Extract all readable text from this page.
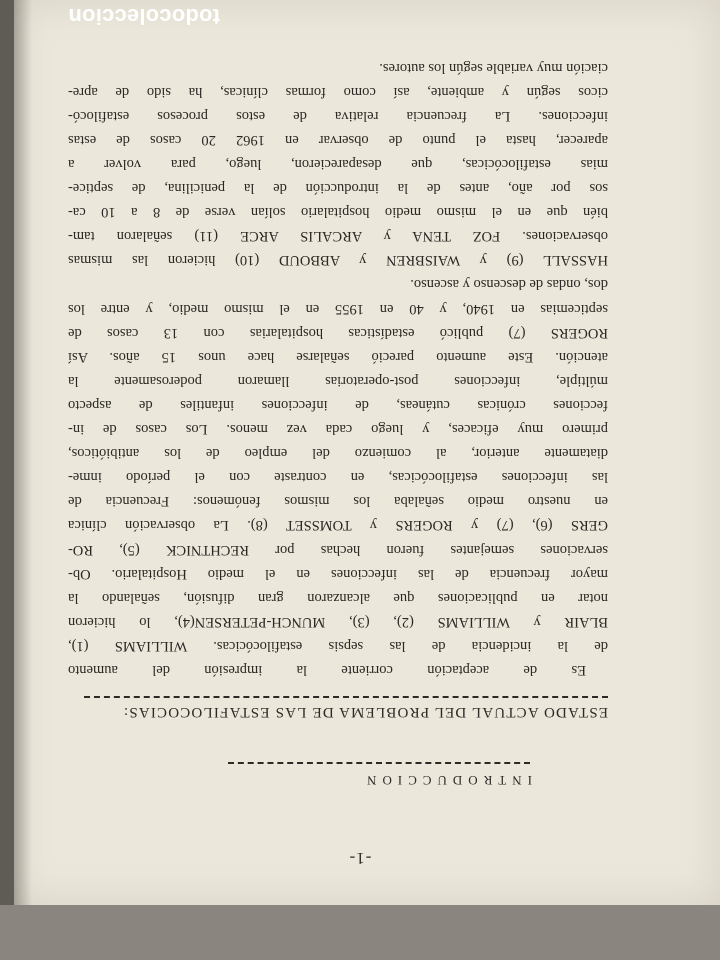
-1-
INTRODUCCION
ESTADO ACTUAL DEL PROBLEMA DE LAS ESTAFILOCOCIAS:
Es de aceptación corriente la impresión del aumento
de la incidencia de las sepsis estafilocócicas. WILLIAMS (1),
BLAIR y WILLIAMS (2), (3), MUNCH-PETERSEN(4), lo hicieron
notar en publicaciones que alcanzaron gran difusión, señalando la
mayor frecuencia de las infecciones en el medio Hospitalario. Ob-
servaciones semejantes fueron hechas por RECHTNICK (5), RO-
GERS (6), (7) y ROGERS y TOMSSET (8). La observación clínica
en nuestro medio señalaba los mismos fenómenos: Frecuencia de
las infecciones estafilocócicas, en contraste con el período inme-
diatamente anterior, al comienzo del empleo de los antibióticos,
primero muy eficaces, y luego cada vez menos. Los casos de in-
fecciones crónicas cutáneas, de infecciones infantiles de aspecto
múltiple, infecciones post-operatorias llamaron poderosamente la
atención. Este aumento pareció señalarse hace unos 15 años. Así
ROGERS (7) publicó estadísticas hospitalarias con 13 casos de
septicemias en 1940, y 40 en 1955 en el mismo medio, y entre los
dos, ondas de descenso y ascenso.
HASSALL (9) y WAISBREN y ABBOUD (10) hicieron las mismas
observaciones. FOZ TENA y ARCALIS ARCE (11) señalaron tam-
bién que en el mismo medio hospitalario solían verse de 8 a 10 ca-
sos por año, antes de la introducción de la penicilina, de septice-
mias estafilocócicas, que desaparecieron, luego, para volver a
aparecer, hasta el punto de observar en 1962 20 casos de estas
infecciones. La frecuencia relativa de estos procesos estafilocó-
cicos según y ambiente, así como formas clínicas, ha sido de apre-
ciación muy variable según los autores.
todocoleccion
